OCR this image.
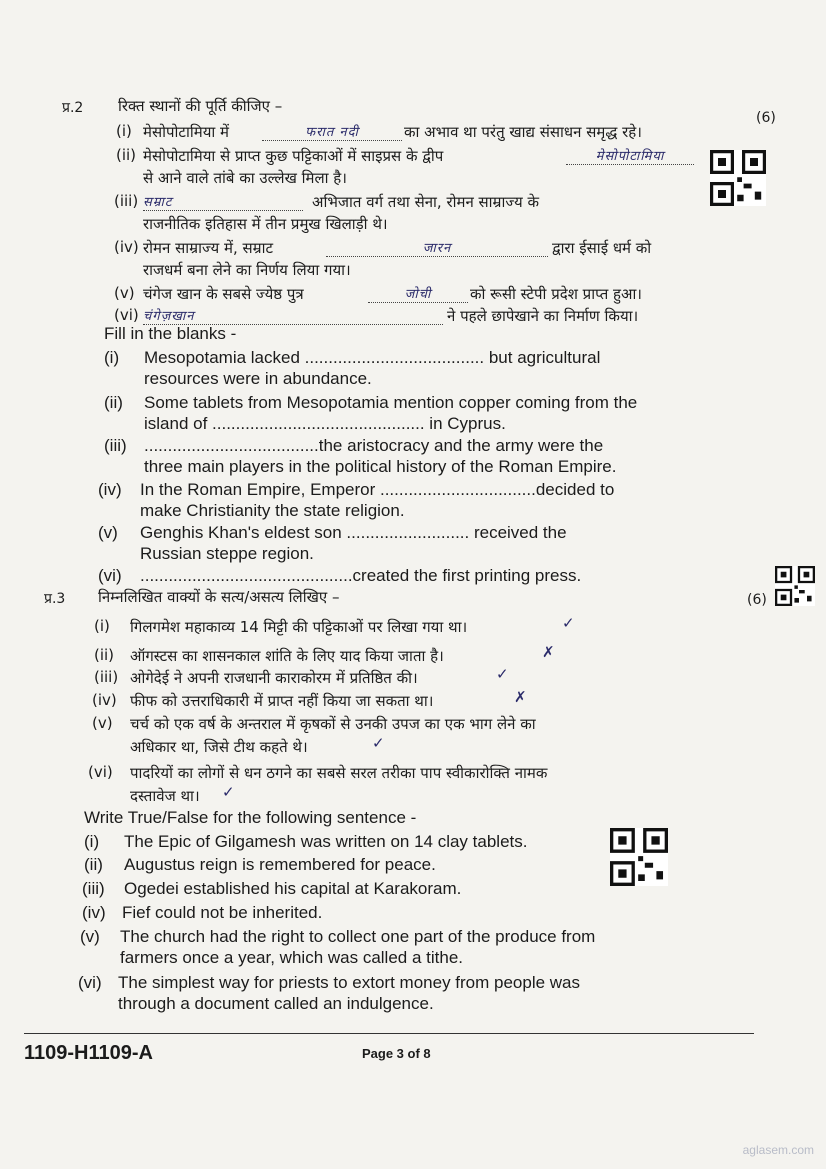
प्र.2 रिक्त स्थानों की पूर्ति कीजिए –
(6)
(i) मेसोपोटामिया में	फरात नदी	का अभाव था परंतु खाद्य संसाधन समृद्ध रहे।
(ii) मेसोपोटामिया से प्राप्त कुछ पट्टिकाओं में साइप्रस के द्वीप	मेसोपोटामिया
से आने वाले तांबे का उल्लेख मिला है।
(iii) सम्राट	अभिजात वर्ग तथा सेना, रोमन साम्राज्य के
राजनीतिक इतिहास में तीन प्रमुख खिलाड़ी थे।
(iv) रोमन साम्राज्य में, सम्राट	जारन	द्वारा ईसाई धर्म को
राजधर्म बना लेने का निर्णय लिया गया।
(v) चंगेज खान के सबसे ज्येष्ठ पुत्र	जोची	को रूसी स्टेपी प्रदेश प्राप्त हुआ।
(vi) चंगेज़खान	ने पहले छापेखाने का निर्माण किया।
Fill in the blanks -
(i)	Mesopotamia lacked ...................................... but agricultural
resources were in abundance.
(ii)	Some tablets from Mesopotamia mention copper coming from the
island of ............................................. in Cyprus.
(iii)	.....................................the aristocracy and the army were the
three main players in the political history of the Roman Empire.
(iv)	In the Roman Empire, Emperor .................................decided to
make Christianity the state religion.
(v)	Genghis Khan's eldest son .......................... received the
Russian steppe region.
(vi)	.............................................created the first printing press.
प्र.3 निम्नलिखित वाक्यों के सत्य/असत्य लिखिए –	(6)
(i)	गिलगमेश महाकाव्य 14 मिट्टी की पट्टिकाओं पर लिखा गया था।	✓
(ii)	ऑगस्टस का शासनकाल शांति के लिए याद किया जाता है।	✗
(iii) ओगेदेई ने अपनी राजधानी काराकोरम में प्रतिष्ठित की।	✓
(iv) फीफ को उत्तराधिकारी में प्राप्त नहीं किया जा सकता था।	✗
(v)	चर्च को एक वर्ष के अन्तराल में कृषकों से उनकी उपज का एक भाग लेने का
अधिकार था, जिसे टीथ कहते थे।	✓
(vi)	पादरियों का लोगों से धन ठगने का सबसे सरल तरीका पाप स्वीकारोक्ति नामक
दस्तावेज था। ✓
Write True/False for the following sentence -
(i)	The Epic of Gilgamesh was written on 14 clay tablets.
(ii)	Augustus reign is remembered for peace.
(iii)	Ogedei established his capital at Karakoram.
(iv) Fief could not be inherited.
(v)	The church had the right to collect one part of the produce from
farmers once a year, which was called a tithe.
(vi) The simplest way for priests to extort money from people was
through a document called an indulgence.
1109-H1109-A	Page 3 of 8
aglasem.com
